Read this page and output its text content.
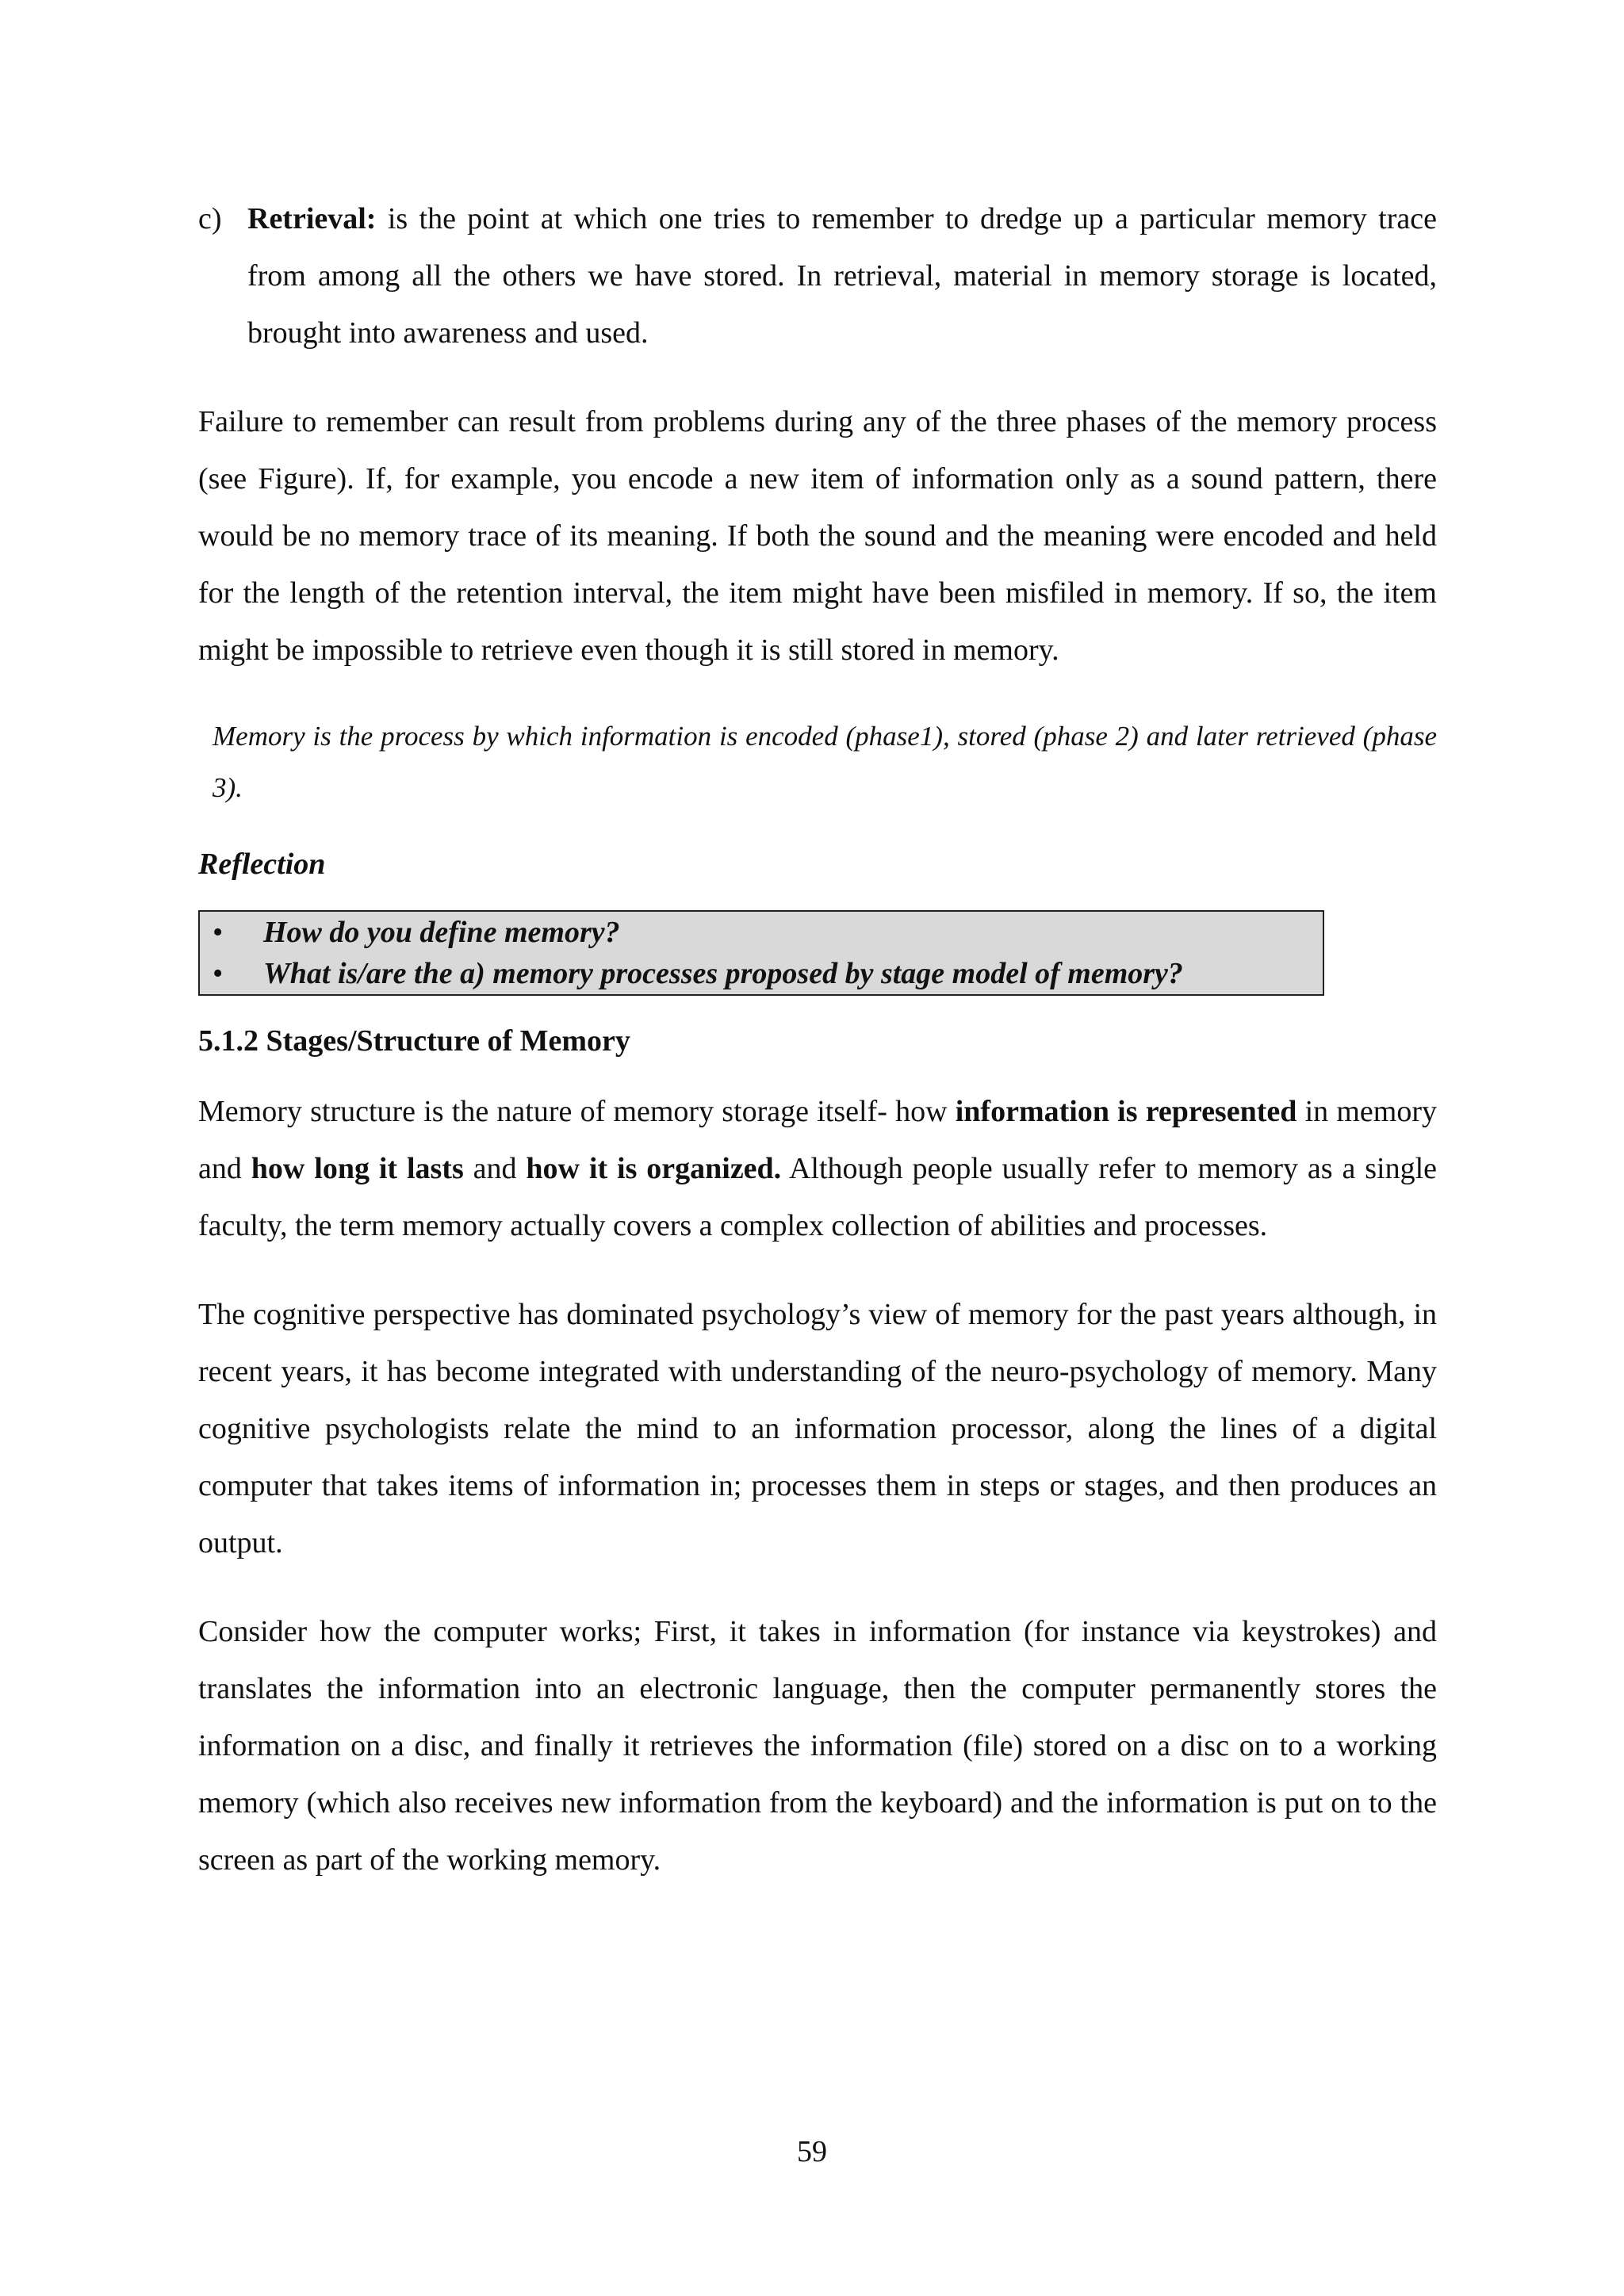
c) Retrieval: is the point at which one tries to remember to dredge up a particular memory trace from among all the others we have stored. In retrieval, material in memory storage is located, brought into awareness and used.

Failure to remember can result from problems during any of the three phases of the memory process (see Figure). If, for example, you encode a new item of information only as a sound pattern, there would be no memory trace of its meaning. If both the sound and the meaning were encoded and held for the length of the retention interval, the item might have been misfiled in memory. If so, the item might be impossible to retrieve even though it is still stored in memory.

Memory is the process by which information is encoded (phase1), stored (phase 2) and later retrieved (phase 3).

Reflection
• How do you define memory?
• What is/are the a) memory processes proposed by stage model of memory?
5.1.2 Stages/Structure of Memory

Memory structure is the nature of memory storage itself- how information is represented in memory and how long it lasts and how it is organized. Although people usually refer to memory as a single faculty, the term memory actually covers a complex collection of abilities and processes.

The cognitive perspective has dominated psychology’s view of memory for the past years although, in recent years, it has become integrated with understanding of the neuro-psychology of memory. Many cognitive psychologists relate the mind to an information processor, along the lines of a digital computer that takes items of information in; processes them in steps or stages, and then produces an output.

Consider how the computer works; First, it takes in information (for instance via keystrokes) and translates the information into an electronic language, then the computer permanently stores the information on a disc, and finally it retrieves the information (file) stored on a disc on to a working memory (which also receives new information from the keyboard) and the information is put on to the screen as part of the working memory.

59
